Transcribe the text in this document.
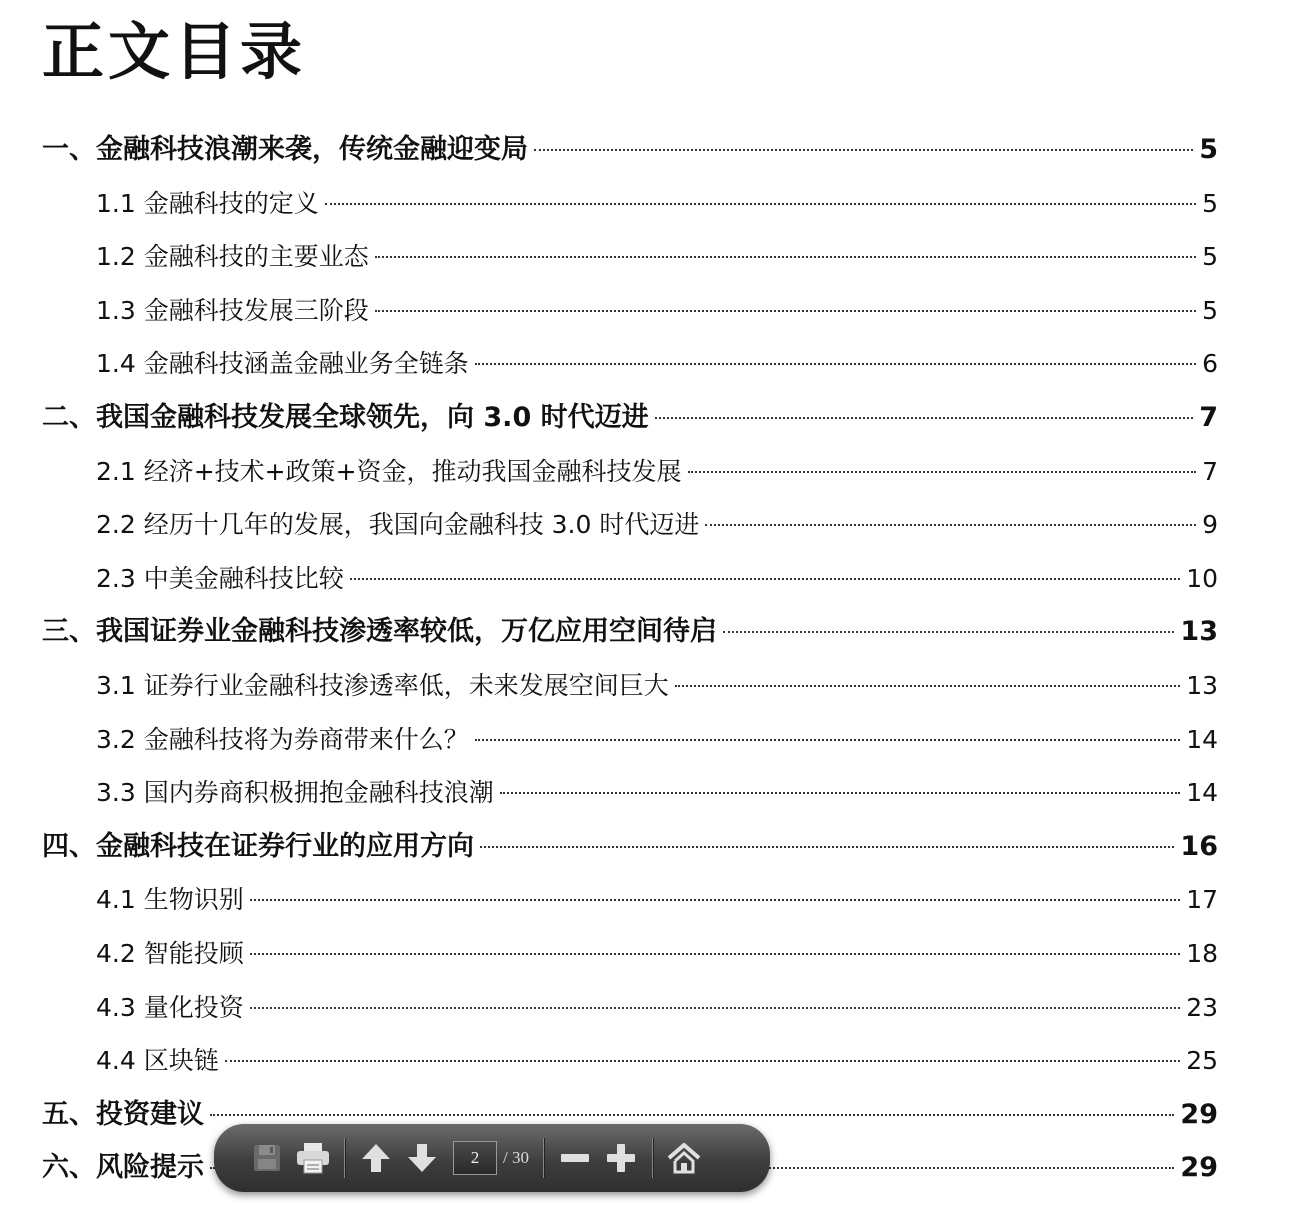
正文目录
一、金融科技浪潮来袭，传统金融迎变局	5
1.1 金融科技的定义	5
1.2 金融科技的主要业态	5
1.3 金融科技发展三阶段	5
1.4 金融科技涵盖金融业务全链条	6
二、我国金融科技发展全球领先，向 3.0 时代迈进	7
2.1 经济+技术+政策+资金，推动我国金融科技发展	7
2.2 经历十几年的发展，我国向金融科技 3.0 时代迈进	9
2.3 中美金融科技比较	10
三、我国证券业金融科技渗透率较低，万亿应用空间待启	13
3.1 证券行业金融科技渗透率低，未来发展空间巨大	13
3.2 金融科技将为券商带来什么？	14
3.3 国内券商积极拥抱金融科技浪潮	14
四、金融科技在证券行业的应用方向	16
4.1 生物识别	17
4.2 智能投顾	18
4.3 量化投资	23
4.4 区块链	25
五、投资建议	29
六、风险提示	29
2	/ 30
